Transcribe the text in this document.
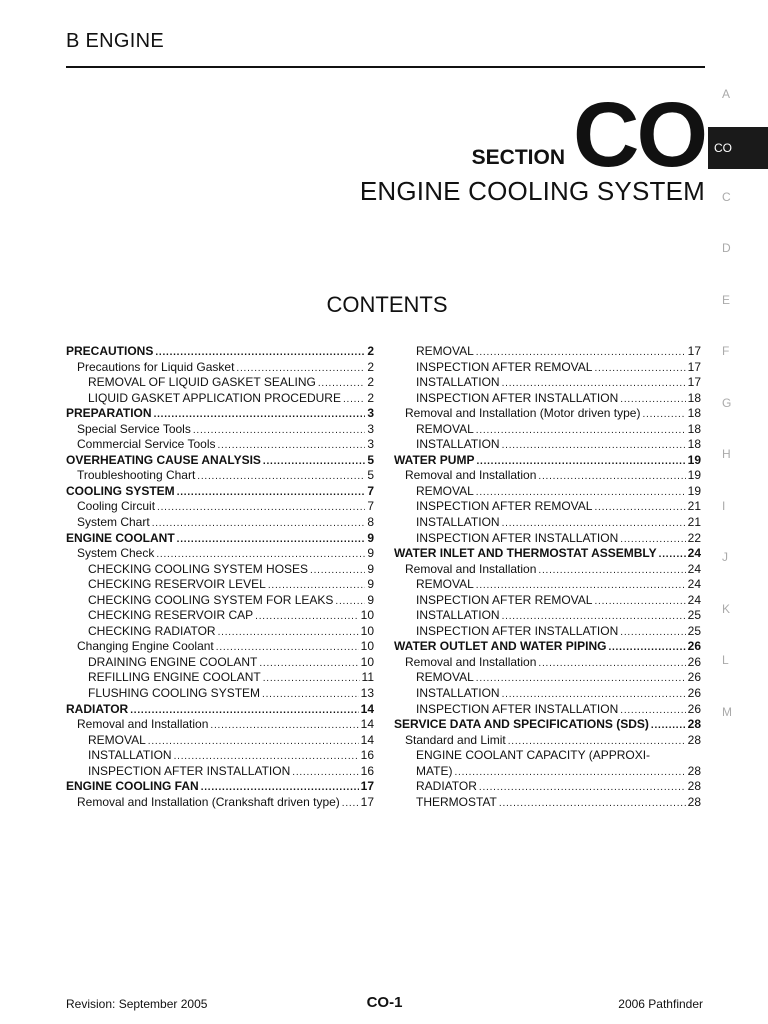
B ENGINE
SECTION CO
ENGINE COOLING SYSTEM
CONTENTS
PRECAUTIONS . . .	2
Precautions for Liquid Gasket . . .	2
REMOVAL OF LIQUID GASKET SEALING . . .	2
LIQUID GASKET APPLICATION PROCEDURE . . . 2
PREPARATION . . .	3
Special Service Tools . . .	3
Commercial Service Tools . . .	3
OVERHEATING CAUSE ANALYSIS . . .	5
Troubleshooting Chart . . .	5
COOLING SYSTEM . . .	7
Cooling Circuit . . .	7
System Chart . . .	8
ENGINE COOLANT . . .	9
System Check . . .	9
CHECKING COOLING SYSTEM HOSES . . .	9
CHECKING RESERVOIR LEVEL . . .	9
CHECKING COOLING SYSTEM FOR LEAKS . . .	9
CHECKING RESERVOIR CAP . . .	10
CHECKING RADIATOR . . .	10
Changing Engine Coolant . . .	10
DRAINING ENGINE COOLANT . . .	10
REFILLING ENGINE COOLANT . . .	11
FLUSHING COOLING SYSTEM . . .	13
RADIATOR . . .	14
Removal and Installation . . .	14
REMOVAL . . .	14
INSTALLATION . . .	16
INSPECTION AFTER INSTALLATION . . .	16
ENGINE COOLING FAN . . .	17
Removal and Installation (Crankshaft driven type) . . . 17
REMOVAL . . .	17
INSPECTION AFTER REMOVAL . . .	17
INSTALLATION . . .	17
INSPECTION AFTER INSTALLATION . . .	18
Removal and Installation (Motor driven type) . . .	18
REMOVAL . . .	18
INSTALLATION . . .	18
WATER PUMP . . .	19
Removal and Installation . . .	19
REMOVAL . . .	19
INSPECTION AFTER REMOVAL . . .	21
INSTALLATION . . .	21
INSPECTION AFTER INSTALLATION . . .	22
WATER INLET AND THERMOSTAT ASSEMBLY . . .	24
Removal and Installation . . .	24
REMOVAL . . .	24
INSPECTION AFTER REMOVAL . . .	24
INSTALLATION . . .	25
INSPECTION AFTER INSTALLATION . . .	25
WATER OUTLET AND WATER PIPING . . .	26
Removal and Installation . . .	26
REMOVAL . . .	26
INSTALLATION . . .	26
INSPECTION AFTER INSTALLATION . . .	26
SERVICE DATA AND SPECIFICATIONS (SDS) . . .	28
Standard and Limit . . .	28
ENGINE COOLANT CAPACITY (APPROXI-
MATE) . . .	28
RADIATOR . . .	28
THERMOSTAT . . .	28
A
CO
C
D
E
F
G
H
I
J
K
L
M
Revision: September 2005	CO-1	2006 Pathfinder
